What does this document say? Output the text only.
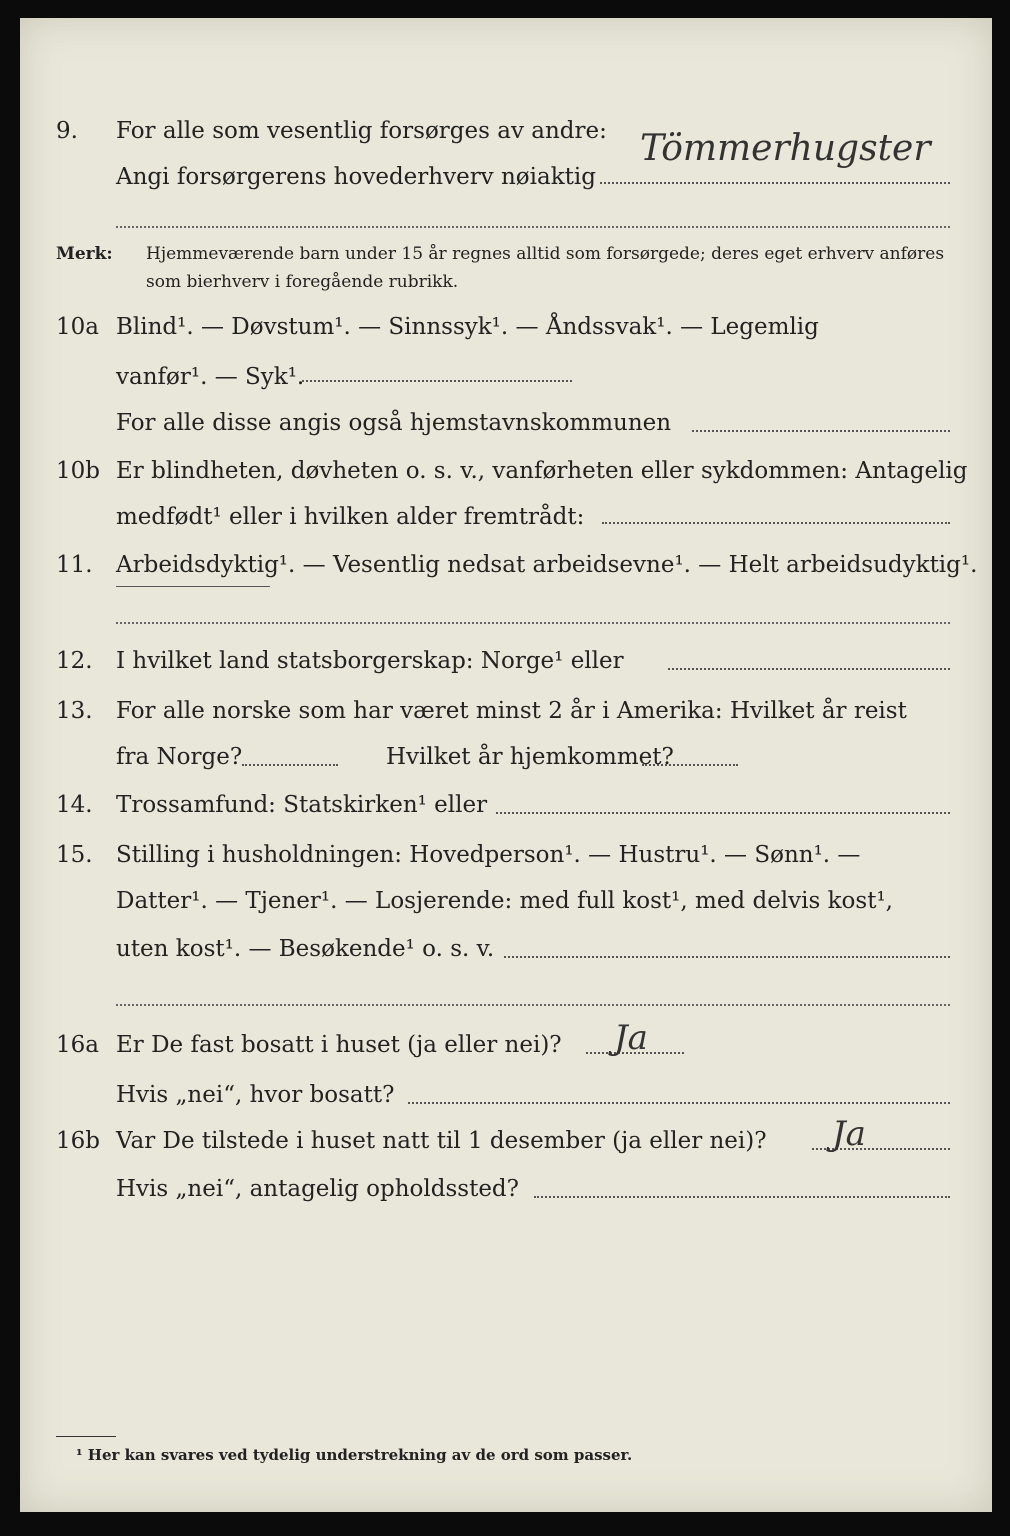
9. For alle som vesentlig forsørges av andre:
Angi forsørgerens hovederhverv nøiaktig
Tömmerhugster
Merk: Hjemmeværende barn under 15 år regnes alltid som forsørgede; deres eget erhverv anføres som bierhverv i foregående rubrikk.
10a Blind¹. — Døvstum¹. — Sinnssyk¹. — Åndssvak¹. — Legemlig
vanfør¹. — Syk¹.
For alle disse angis også hjemstavnskommunen
10b Er blindheten, døvheten o. s. v., vanførheten eller sykdommen: Antagelig
medfødt¹ eller i hvilken alder fremtrådt:
11. Arbeidsdyktig¹. — Vesentlig nedsat arbeidsevne¹. — Helt arbeidsudyktig¹.
12. I hvilket land statsborgerskap: Norge¹ eller
13. For alle norske som har været minst 2 år i Amerika: Hvilket år reist
fra Norge?	Hvilket år hjemkommet?
14. Trossamfund: Statskirken¹ eller
15. Stilling i husholdningen: Hovedperson¹. — Hustru¹. — Sønn¹. —
Datter¹. — Tjener¹. — Losjerende: med full kost¹, med delvis kost¹,
uten kost¹. — Besøkende¹ o. s. v.
16a Er De fast bosatt i huset (ja eller nei)? Ja
Hvis „nei“, hvor bosatt?
16b Var De tilstede i huset natt til 1 desember (ja eller nei)? Ja
Hvis „nei“, antagelig opholdssted?
¹ Her kan svares ved tydelig understrekning av de ord som passer.
